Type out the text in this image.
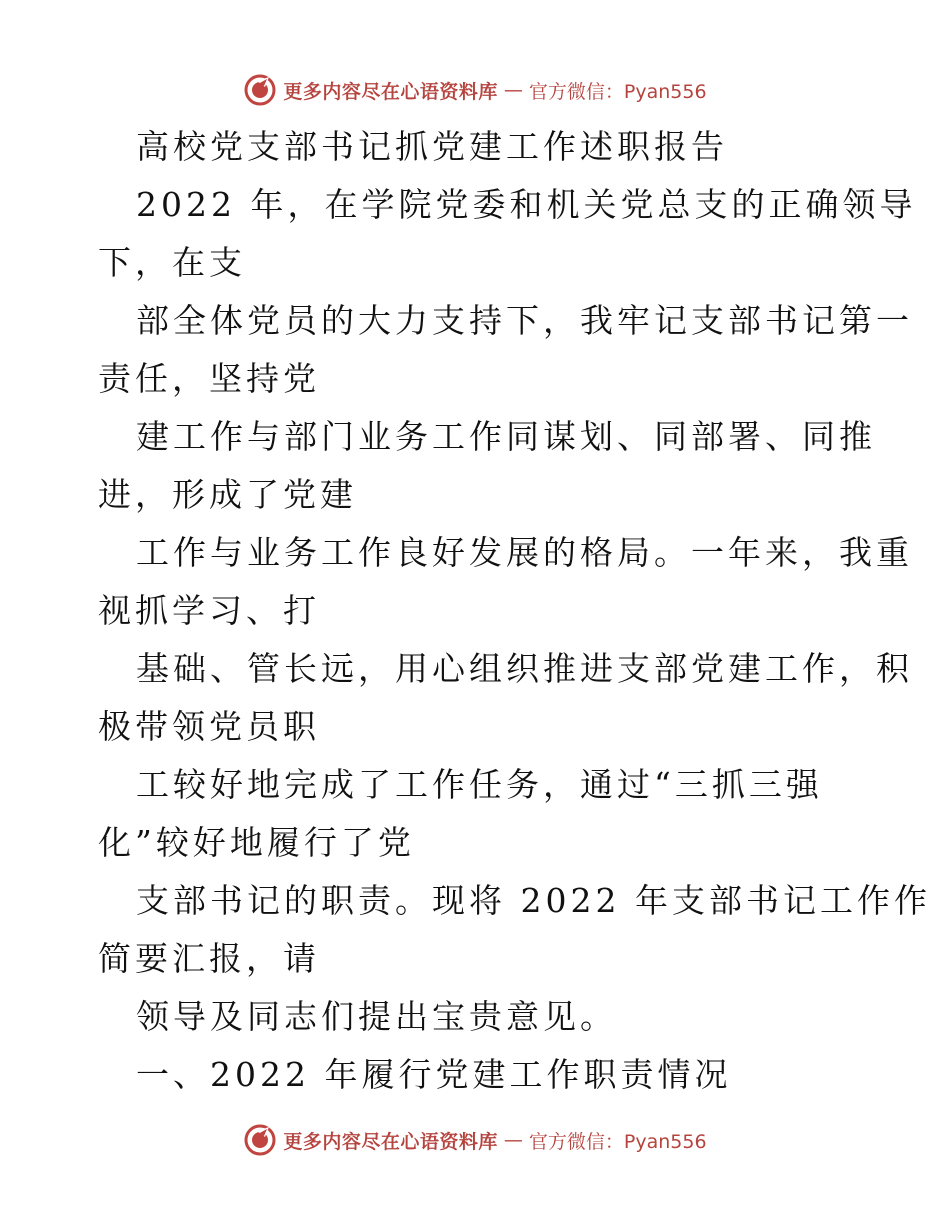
更多内容尽在心语资料库 — 官方微信：Pyan556
高校党支部书记抓党建工作述职报告
2022 年，在学院党委和机关党总支的正确领导
下，在支
部全体党员的大力支持下，我牢记支部书记第一
责任，坚持党
建工作与部门业务工作同谋划、同部署、同推
进，形成了党建
工作与业务工作良好发展的格局。一年来，我重
视抓学习、打
基础、管长远，用心组织推进支部党建工作，积
极带领党员职
工较好地完成了工作任务，通过“三抓三强
化”较好地履行了党
支部书记的职责。现将 2022 年支部书记工作作
简要汇报，请
领导及同志们提出宝贵意见。
一、2022 年履行党建工作职责情况
更多内容尽在心语资料库 — 官方微信：Pyan556
